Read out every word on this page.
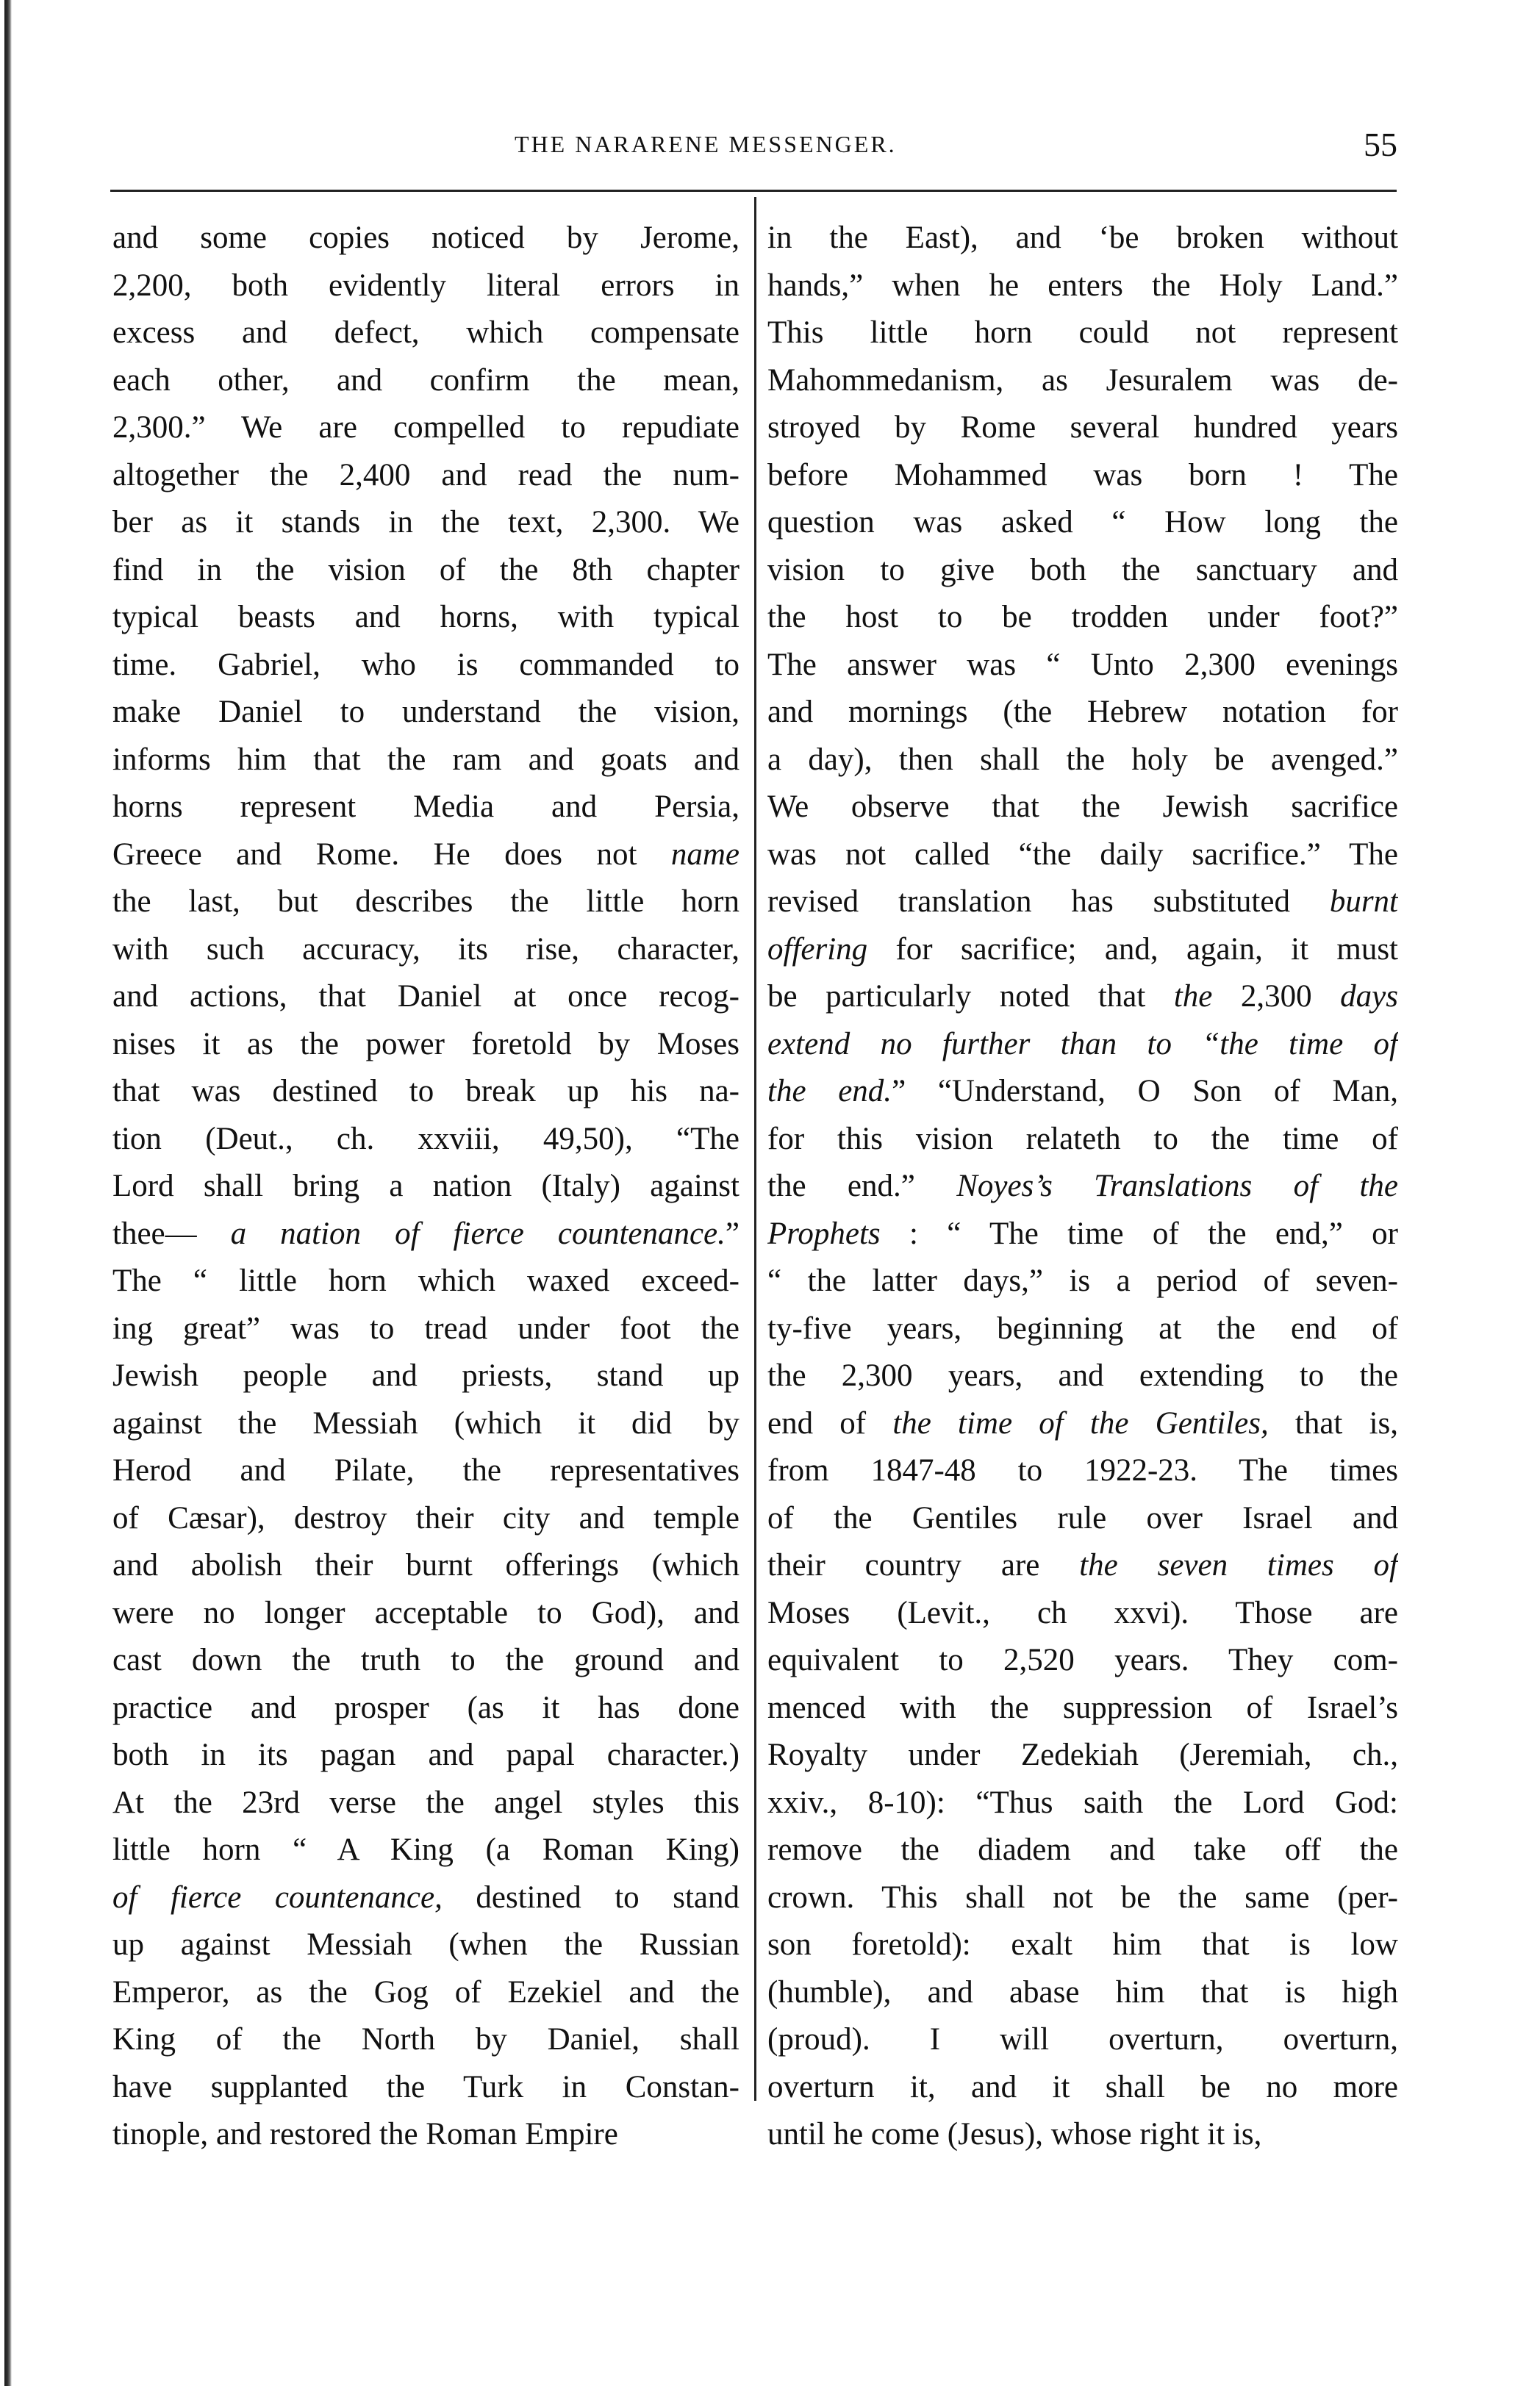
THE NARARENE MESSENGER.	55
and some copies noticed by Jerome,
2,200, both evidently literal errors in
excess and defect, which compensate
each other, and confirm the mean,
2,300.” We are compelled to repudiate
altogether the 2,400 and read the num-
ber as it stands in the text, 2,300. We
find in the vision of the 8th chapter
typical beasts and horns, with typical
time. Gabriel, who is commanded to
make Daniel to understand the vision,
informs him that the ram and goats and
horns represent Media and Persia,
Greece and Rome. He does not name
the last, but describes the little horn
with such accuracy, its rise, character,
and actions, that Daniel at once recog-
nises it as the power foretold by Moses
that was destined to break up his na-
tion (Deut., ch. xxviii, 49,50), “The
Lord shall bring a nation (Italy) against
thee— a nation of fierce countenance.”
The “ little horn which waxed exceed-
ing great” was to tread under foot the
Jewish people and priests, stand up
against the Messiah (which it did by
Herod and Pilate, the representatives
of Cæsar), destroy their city and temple
and abolish their burnt offerings (which
were no longer acceptable to God), and
cast down the truth to the ground and
practice and prosper (as it has done
both in its pagan and papal character.)
At the 23rd verse the angel styles this
little horn “ A King (a Roman King)
of fierce countenance, destined to stand
up against Messiah (when the Russian
Emperor, as the Gog of Ezekiel and the
King of the North by Daniel, shall
have supplanted the Turk in Constan-
tinople, and restored the Roman Empire
in the East), and ‘be broken without
hands,” when he enters the Holy Land.”
This little horn could not represent
Mahommedanism, as Jesuralem was de-
stroyed by Rome several hundred years
before Mohammed was born ! The
question was asked “ How long the
vision to give both the sanctuary and
the host to be trodden under foot?”
The answer was “ Unto 2,300 evenings
and mornings (the Hebrew notation for
a day), then shall the holy be avenged.”
We observe that the Jewish sacrifice
was not called “the daily sacrifice.” The
revised translation has substituted burnt
offering for sacrifice; and, again, it must
be particularly noted that the 2,300 days
extend no further than to “the time of
the end.” “Understand, O Son of Man,
for this vision relateth to the time of
the end.” Noyes’s Translations of the
Prophets : “ The time of the end,” or
“ the latter days,” is a period of seven-
ty-five years, beginning at the end of
the 2,300 years, and extending to the
end of the time of the Gentiles, that is,
from 1847-48 to 1922-23. The times
of the Gentiles rule over Israel and
their country are the seven times of
Moses (Levit., ch xxvi). Those are
equivalent to 2,520 years. They com-
menced with the suppression of Israel’s
Royalty under Zedekiah (Jeremiah, ch.,
xxiv., 8-10): “Thus saith the Lord God:
remove the diadem and take off the
crown. This shall not be the same (per-
son foretold): exalt him that is low
(humble), and abase him that is high
(proud). I will overturn, overturn,
overturn it, and it shall be no more
until he come (Jesus), whose right it is,
